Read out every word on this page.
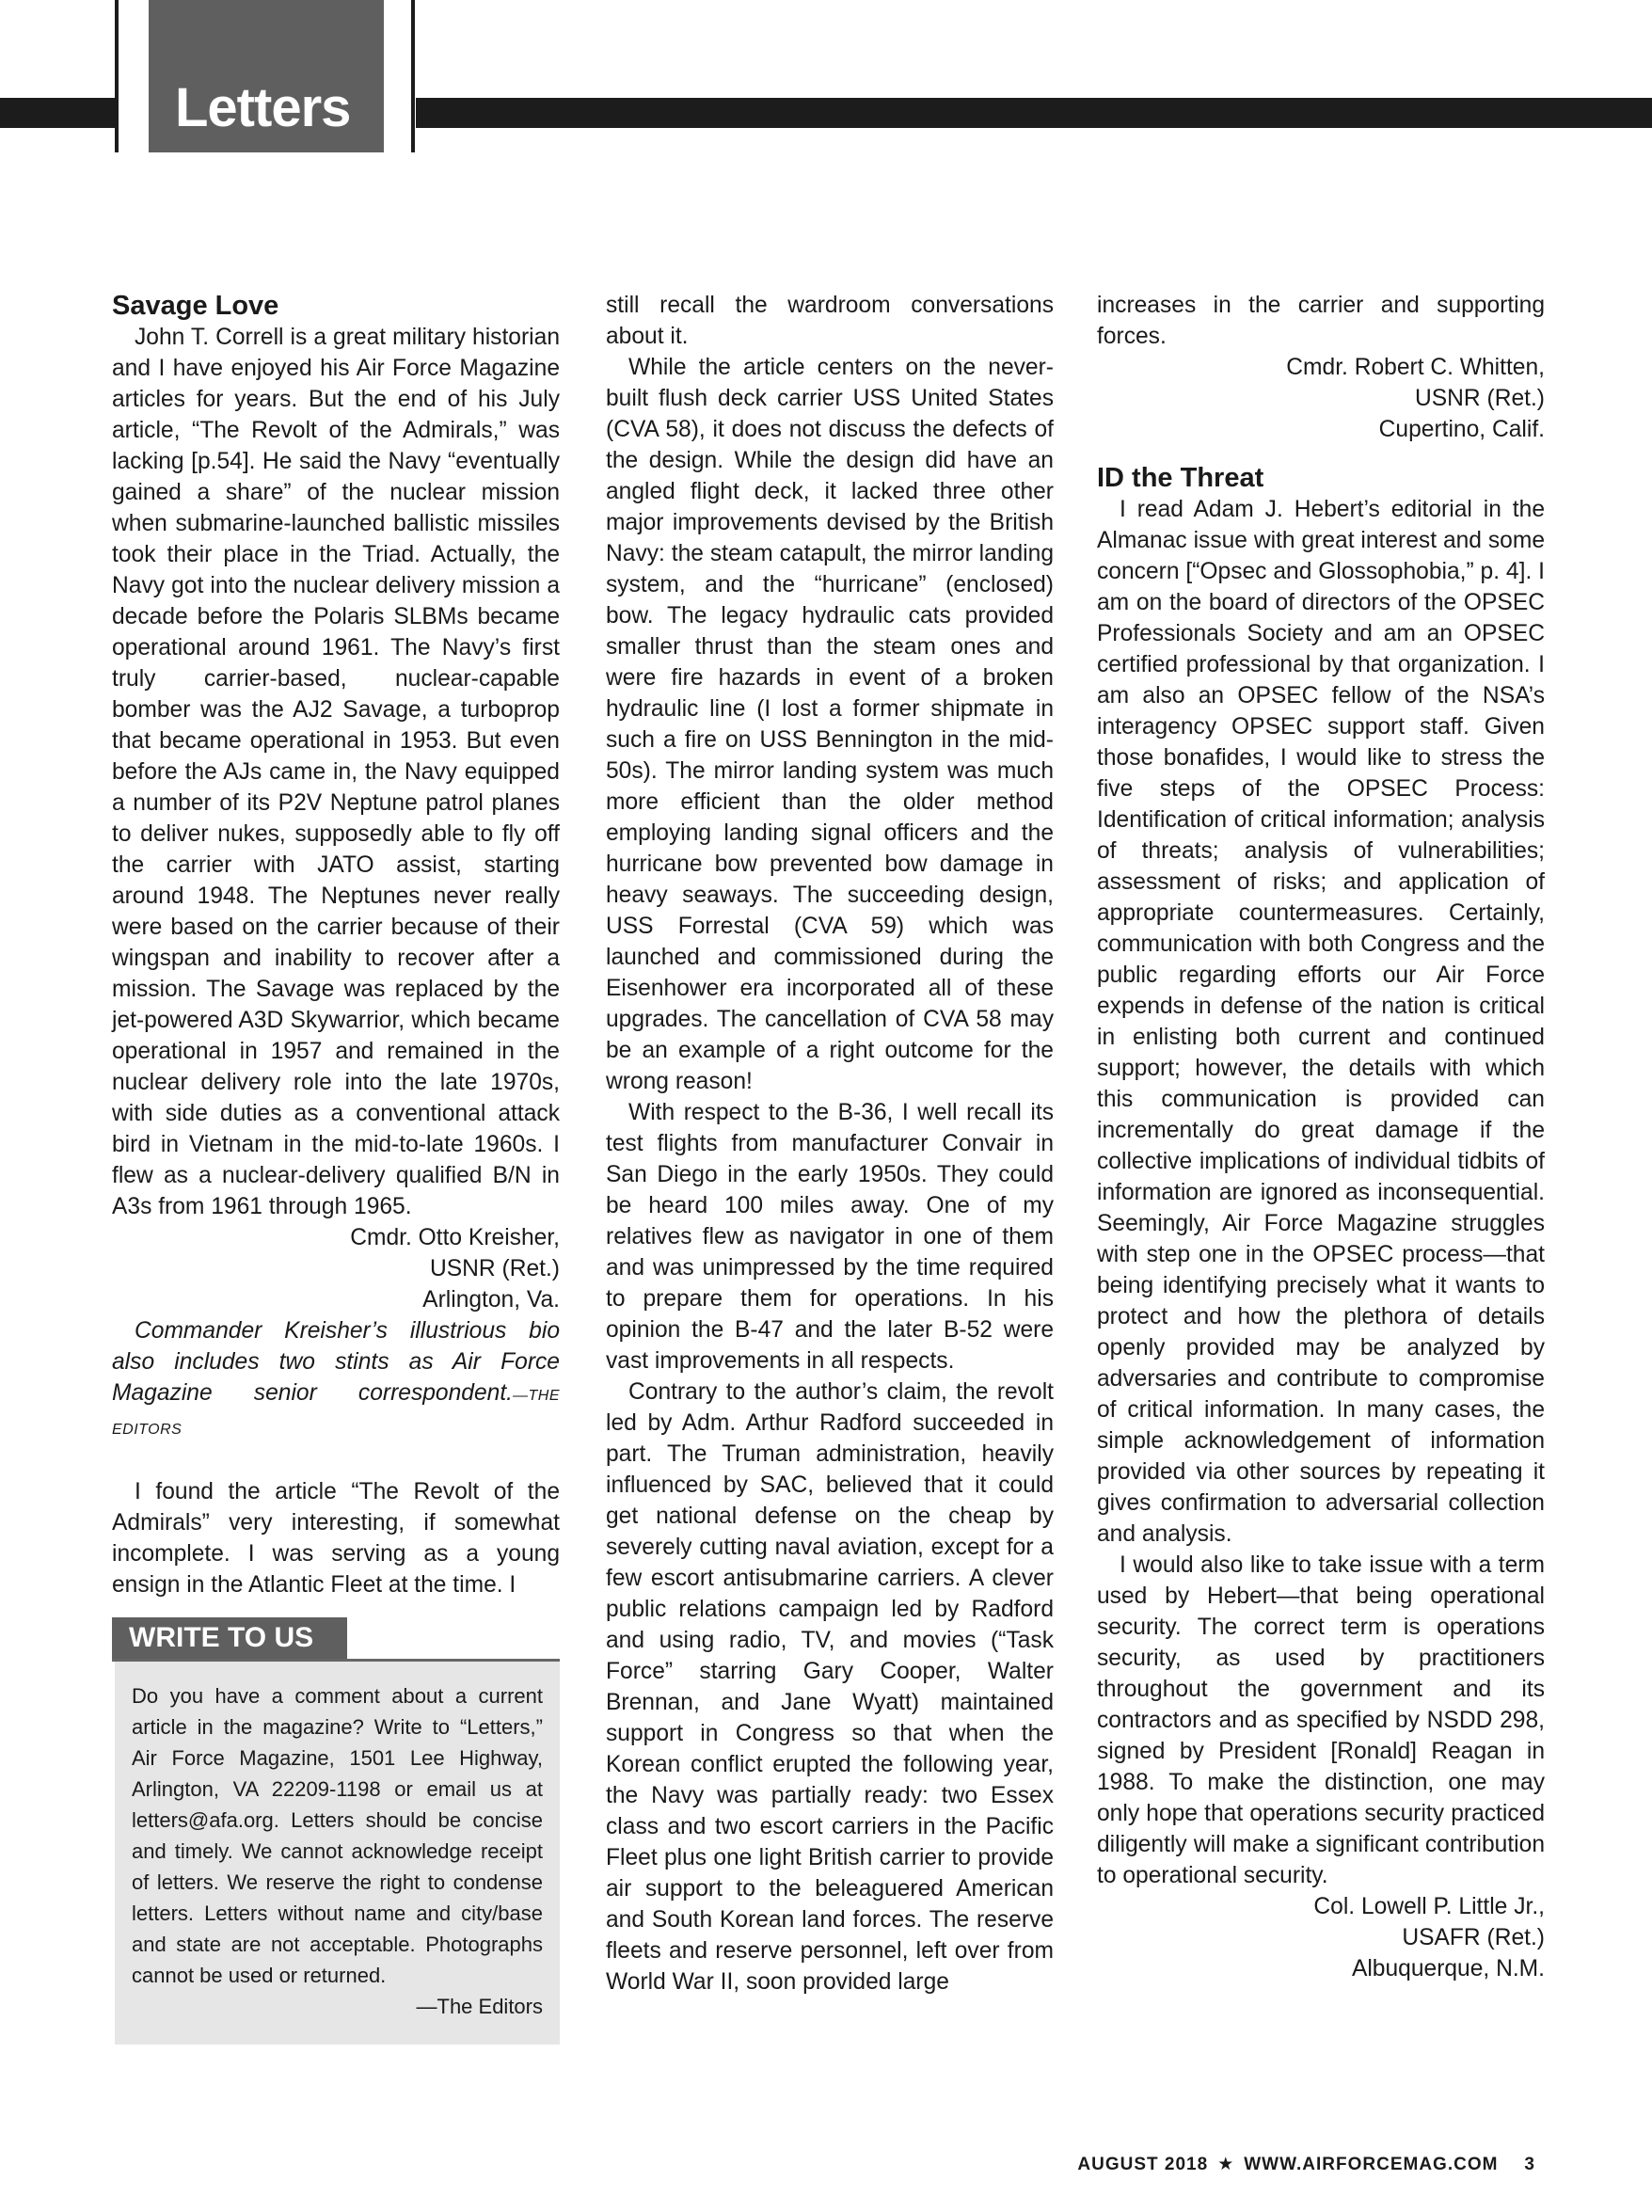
Letters
Savage Love

John T. Correll is a great military historian and I have enjoyed his Air Force Magazine articles for years. But the end of his July article, “The Revolt of the Admirals,” was lacking [p.54]. He said the Navy “eventually gained a share” of the nuclear mission when submarine-launched ballistic missiles took their place in the Triad. Actually, the Navy got into the nuclear delivery mission a decade before the Polaris SLBMs became operational around 1961. The Navy’s first truly carrier-based, nuclear-capable bomber was the AJ2 Savage, a turboprop that became operational in 1953. But even before the AJs came in, the Navy equipped a number of its P2V Neptune patrol planes to deliver nukes, supposedly able to fly off the carrier with JATO assist, starting around 1948. The Neptunes never really were based on the carrier because of their wingspan and inability to recover after a mission. The Savage was replaced by the jet-powered A3D Skywarrior, which became operational in 1957 and remained in the nuclear delivery role into the late 1970s, with side duties as a conventional attack bird in Vietnam in the mid-to-late 1960s. I flew as a nuclear-delivery qualified B/N in A3s from 1961 through 1965.

Cmdr. Otto Kreisher,
USNR (Ret.)
Arlington, Va.

Commander Kreisher’s illustrious bio also includes two stints as Air Force Magazine senior correspondent.—THE EDITORS

I found the article “The Revolt of the Admirals” very interesting, if somewhat incomplete. I was serving as a young ensign in the Atlantic Fleet at the time. I

WRITE TO US
Do you have a comment about a current article in the magazine? Write to “Letters,” Air Force Magazine, 1501 Lee Highway, Arlington, VA 22209-1198 or email us at letters@afa.org. Letters should be concise and timely. We cannot acknowledge receipt of letters. We reserve the right to condense letters. Letters without name and city/base and state are not acceptable. Photographs cannot be used or returned.
—The Editors

still recall the wardroom conversations about it.

While the article centers on the never-built flush deck carrier USS United States (CVA 58), it does not discuss the defects of the design. While the design did have an angled flight deck, it lacked three other major improvements devised by the British Navy: the steam catapult, the mirror landing system, and the “hurricane” (enclosed) bow. The legacy hydraulic cats provided smaller thrust than the steam ones and were fire hazards in event of a broken hydraulic line (I lost a former shipmate in such a fire on USS Bennington in the mid-50s). The mirror landing system was much more efficient than the older method employing landing signal officers and the hurricane bow prevented bow damage in heavy seaways. The succeeding design, USS Forrestal (CVA 59) which was launched and commissioned during the Eisenhower era incorporated all of these upgrades. The cancellation of CVA 58 may be an example of a right outcome for the wrong reason!

With respect to the B-36, I well recall its test flights from manufacturer Convair in San Diego in the early 1950s. They could be heard 100 miles away. One of my relatives flew as navigator in one of them and was unimpressed by the time required to prepare them for operations. In his opinion the B-47 and the later B-52 were vast improvements in all respects.

Contrary to the author’s claim, the revolt led by Adm. Arthur Radford succeeded in part. The Truman administration, heavily influenced by SAC, believed that it could get national defense on the cheap by severely cutting naval aviation, except for a few escort antisubmarine carriers. A clever public relations campaign led by Radford and using radio, TV, and movies (“Task Force” starring Gary Cooper, Walter Brennan, and Jane Wyatt) maintained support in Congress so that when the Korean conflict erupted the following year, the Navy was partially ready: two Essex class and two escort carriers in the Pacific Fleet plus one light British carrier to provide air support to the beleaguered American and South Korean land forces. The reserve fleets and reserve personnel, left over from World War II, soon provided large

increases in the carrier and supporting forces.

Cmdr. Robert C. Whitten,
USNR (Ret.)
Cupertino, Calif.
ID the Threat

I read Adam J. Hebert’s editorial in the Almanac issue with great interest and some concern [“Opsec and Glossophobia,” p. 4]. I am on the board of directors of the OPSEC Professionals Society and am an OPSEC certified professional by that organization. I am also an OPSEC fellow of the NSA’s interagency OPSEC support staff. Given those bonafides, I would like to stress the five steps of the OPSEC Process: Identification of critical information; analysis of threats; analysis of vulnerabilities; assessment of risks; and application of appropriate countermeasures. Certainly, communication with both Congress and the public regarding efforts our Air Force expends in defense of the nation is critical in enlisting both current and continued support; however, the details with which this communication is provided can incrementally do great damage if the collective implications of individual tidbits of information are ignored as inconsequential. Seemingly, Air Force Magazine struggles with step one in the OPSEC process—that being identifying precisely what it wants to protect and how the plethora of details openly provided may be analyzed by adversaries and contribute to compromise of critical information. In many cases, the simple acknowledgement of information provided via other sources by repeating it gives confirmation to adversarial collection and analysis.

I would also like to take issue with a term used by Hebert—that being operational security. The correct term is operations security, as used by practitioners throughout the government and its contractors and as specified by NSDD 298, signed by President [Ronald] Reagan in 1988. To make the distinction, one may only hope that operations security practiced diligently will make a significant contribution to operational security.

Col. Lowell P. Little Jr.,
USAFR (Ret.)
Albuquerque, N.M.
AUGUST 2018 ★ WWW.AIRFORCEMAG.COM 3
